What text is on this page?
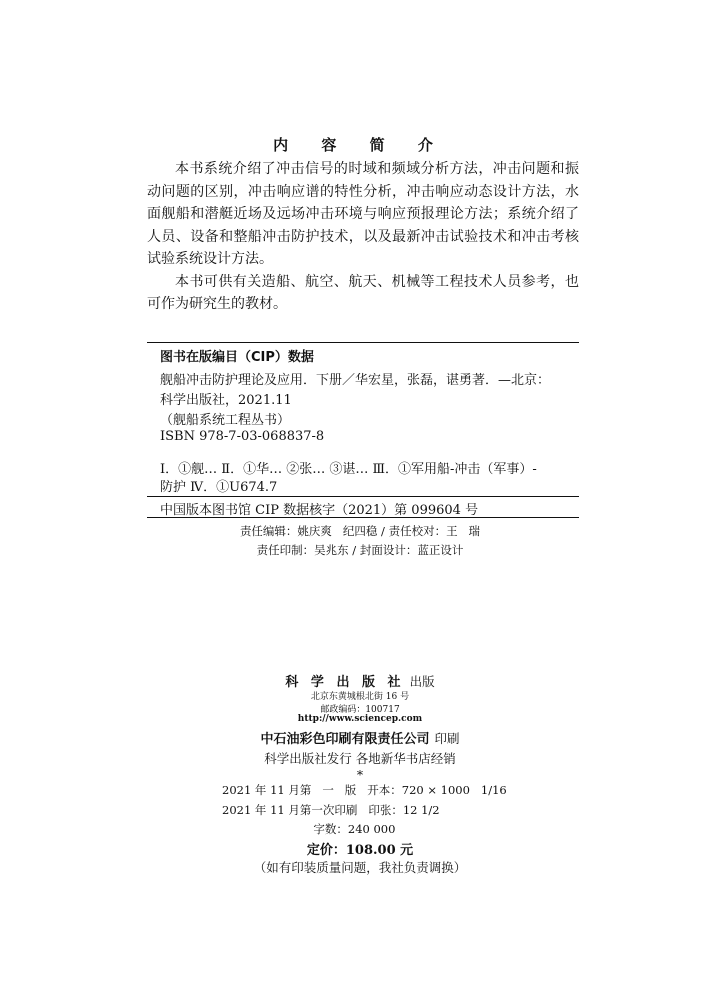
内 容 简 介

本书系统介绍了冲击信号的时域和频域分析方法，冲击问题和振动问题的区别，冲击响应谱的特性分析，冲击响应动态设计方法，水面舰船和潜艇近场及远场冲击环境与响应预报理论方法；系统介绍了人员、设备和整船冲击防护技术，以及最新冲击试验技术和冲击考核试验系统设计方法。

本书可供有关造船、航空、航天、机械等工程技术人员参考，也可作为研究生的教材。

图书在版编目（CIP）数据
舰船冲击防护理论及应用．下册／华宏星，张磊，谌勇著．—北京：
科学出版社，2021.11
（舰船系统工程丛书）
ISBN 978-7-03-068837-8
Ⅰ．①舰… Ⅱ．①华… ②张… ③谌… Ⅲ．①军用船-冲击（军事）-
防护 Ⅳ．①U674.7
中国版本图书馆 CIP 数据核字（2021）第 099604 号
责任编辑：姚庆爽   纪四稳 / 责任校对：王   瑞
责任印制：吴兆东 / 封面设计：蓝正设计
科 学 出 版 社 出版
北京东黄城根北街 16 号
邮政编码：100717
http://www.sciencep.com
中石油彩色印刷有限责任公司 印刷
科学出版社发行 各地新华书店经销
*
2021 年 11 月第   一   版   开本：720 × 1000   1/16
2021 年 11 月第一次印刷   印张：12 1/2
字数：240 000
定价：108.00 元
（如有印装质量问题，我社负责调换）
